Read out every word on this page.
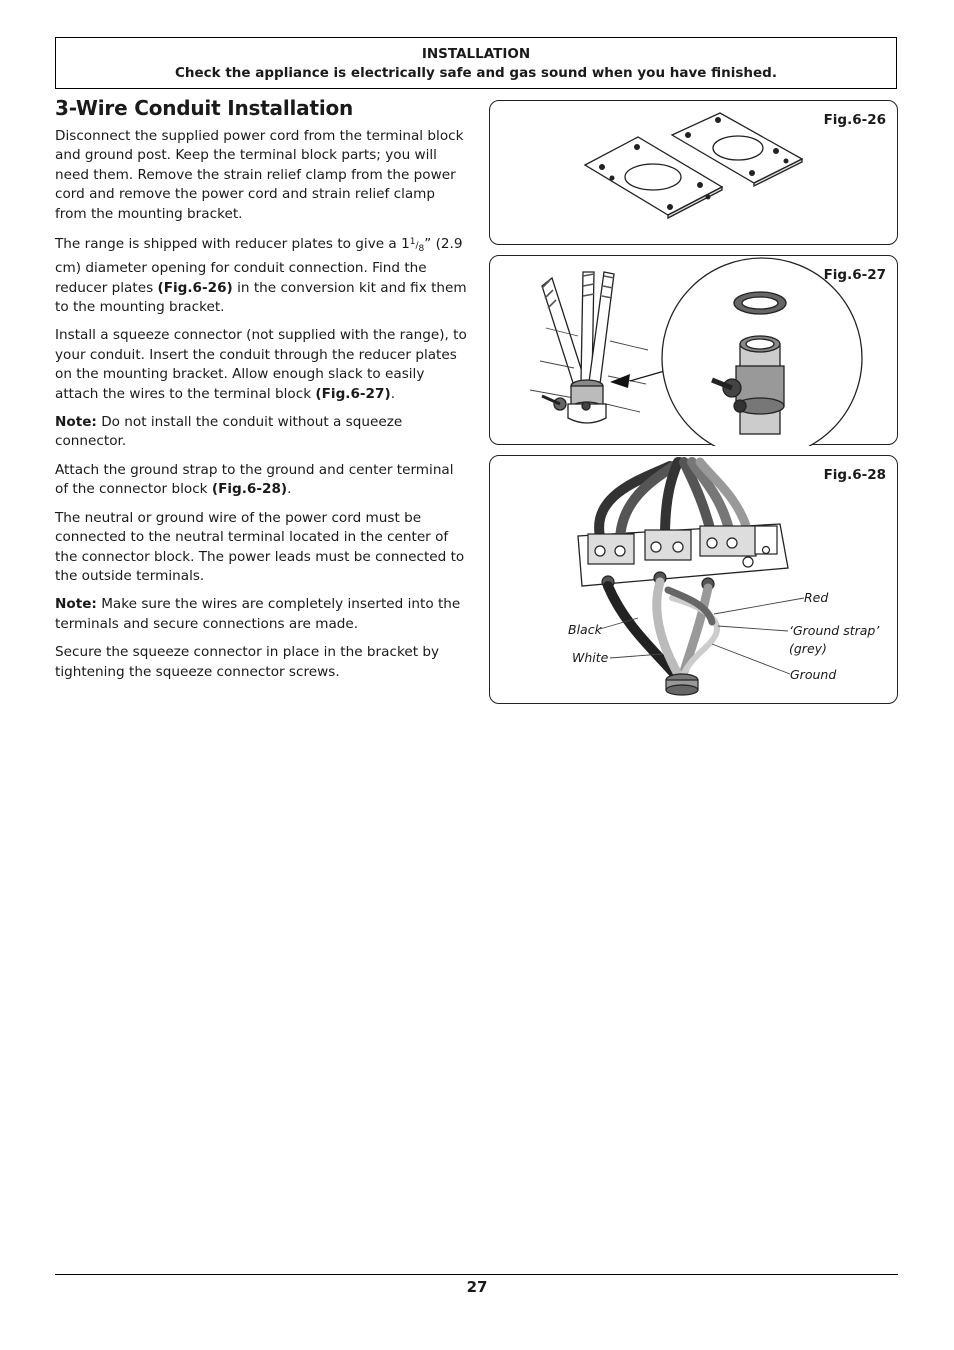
INSTALLATION
Check the appliance is electrically safe and gas sound when you have finished.
3-Wire Conduit Installation

Disconnect the supplied power cord from the terminal block and ground post. Keep the terminal block parts; you will need them. Remove the strain relief clamp from the power cord and remove the power cord and strain relief clamp from the mounting bracket.

The range is shipped with reducer plates to give a $1^1/_8$” (2.9 cm) diameter opening for conduit connection. Find the reducer plates (Fig.6-26) in the conversion kit and fix them to the mounting bracket.

Install a squeeze connector (not supplied with the range), to your conduit. Insert the conduit through the reducer plates on the mounting bracket. Allow enough slack to easily attach the wires to the terminal block (Fig.6-27).

Note: Do not install the conduit without a squeeze connector.

Attach the ground strap to the ground and center terminal of the connector block (Fig.6-28).

The neutral or ground wire of the power cord must be connected to the neutral terminal located in the center of the connector block. The power leads must be connected to the outside terminals.

Note: Make sure the wires are completely inserted into the terminals and secure connections are made.

Secure the squeeze connector in place in the bracket by tightening the squeeze connector screws.

Fig.6-26
Fig.6-27
Fig.6-28
Red
Black	‘Ground strap’
(grey)
White
Ground
27
